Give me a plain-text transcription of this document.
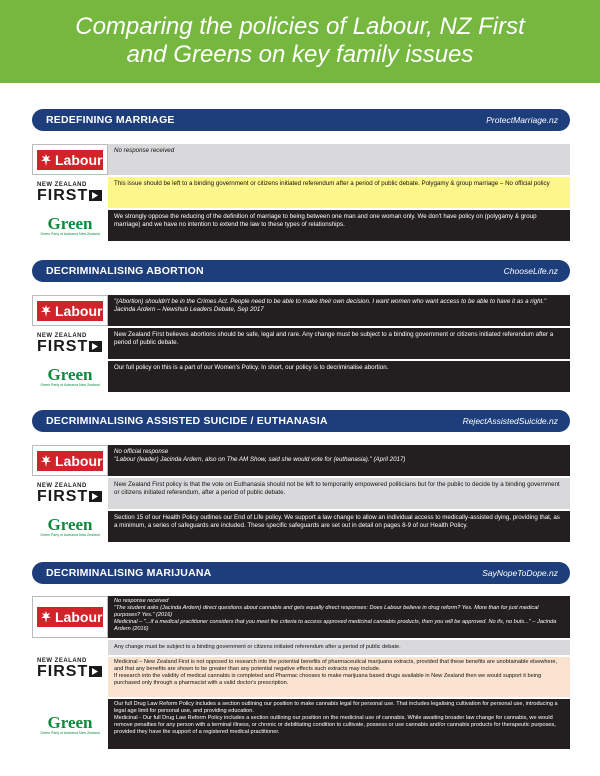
Comparing the policies of Labour, NZ First
and Greens on key family issues
REDEFINING MARRIAGE	ProtectMarriage.nz
Labour
No response received
NEW ZEALAND
FIRST
This issue should be left to a binding government or citizens initiated referendum after a period of public debate. Polygamy & group marriage – No official policy
Green
Green Party of Aotearoa New Zealand
We strongly oppose the reducing of the definition of marriage to being between one man and one woman only. We don't have policy on (polygamy & group marriage) and we have no intention to extend the law to these types of relationships.
DECRIMINALISING ABORTION	ChooseLife.nz
Labour
"(Abortion) shouldn't be in the Crimes Act. People need to be able to make their own decision. I want women who want access to be able to have it as a right." Jacinda Ardern – Newshub Leaders Debate, Sep 2017
NEW ZEALAND
FIRST
New Zealand First believes abortions should be safe, legal and rare. Any change must be subject to a binding government or citizens initiated referendum after a period of public debate.
Green
Green Party of Aotearoa New Zealand
Our full policy on this is a part of our Women's Policy. In short, our policy is to decriminalise abortion.
DECRIMINALISING ASSISTED SUICIDE / EUTHANASIA	RejectAssistedSuicide.nz
Labour
No official response
"Labour (leader) Jacinda Ardern, also on The AM Show, said she would vote for (euthanasia)." (April 2017)
NEW ZEALAND
FIRST
New Zealand First policy is that the vote on Euthanasia should not be left to temporarily empowered politicians but for the public to decide by a binding government or citizens initiated referendum, after a period of public debate.
Green
Green Party of Aotearoa New Zealand
Section 15 of our Health Policy outlines our End of Life policy. We support a law change to allow an individual access to medically-assisted dying, providing that, as a minimum, a series of safeguards are included. These specific safeguards are set out in detail on pages 8-9 of our Health Policy.
DECRIMINALISING MARIJUANA	SayNopeToDope.nz
Labour
No response received
"The student asks (Jacinda Ardern) direct questions about cannabis and gets equally direct responses: Does Labour believe in drug reform? Yes. More than for just medical purposes? Yes." (2016)
Medicinal – "...if a medical practitioner considers that you meet the criteria to access approved medicinal cannabis products, then you will be approved. No ifs, no buts..." – Jacinda Ardern (2016)
NEW ZEALAND
FIRST
Any change must be subject to a binding government or citizens initiated referendum after a period of public debate.
Medicinal – New Zealand First is not opposed to research into the potential benefits of pharmaceutical marijuana extracts, provided that these benefits are unobtainable elsewhere, and that any benefits are shown to be greater than any potential negative effects such extracts may include.
If research into the validity of medical cannabis is completed and Pharmac chooses to make marijuana based drugs available in New Zealand then we would support it being purchased only through a pharmacist with a valid doctor's prescription.
Green
Green Party of Aotearoa New Zealand
Our full Drug Law Reform Policy includes a section outlining our position to make cannabis legal for personal use. That includes legalising cultivation for personal use, introducing a legal age limit for personal use, and providing education.
Medicinal - Our full Drug Law Reform Policy includes a section outlining our position on the medicinal use of cannabis. While awaiting broader law change for cannabis, we would remove penalties for any person with a terminal illness, or chronic or debilitating condition to cultivate, possess or use cannabis and/or cannabis products for therapeutic purposes, provided they have the support of a registered medical practitioner.
